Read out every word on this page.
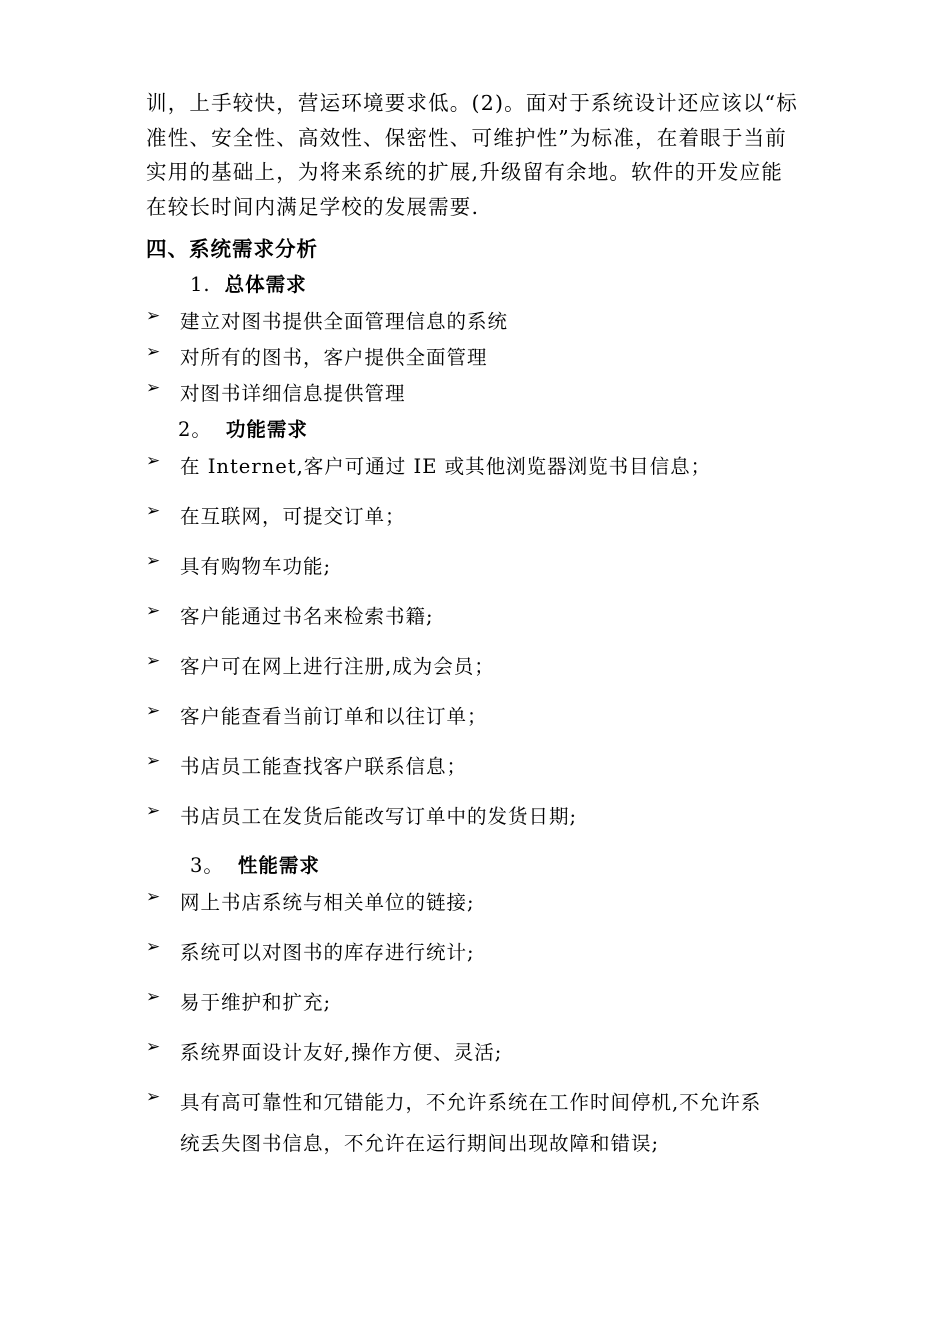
训，上手较快，营运环境要求低。(2)。面对于系统设计还应该以“标
准性、安全性、高效性、保密性、可维护性”为标准，在着眼于当前
实用的基础上，为将来系统的扩展,升级留有余地。软件的开发应能
在较长时间内满足学校的发展需要.

四、系统需求分析
1. 总体需求
➢ 建立对图书提供全面管理信息的系统
➢ 对所有的图书，客户提供全面管理
➢ 对图书详细信息提供管理
2。 功能需求
➢ 在 Internet,客户可通过 IE 或其他浏览器浏览书目信息；
➢ 在互联网，可提交订单；
➢ 具有购物车功能;
➢ 客户能通过书名来检索书籍;
➢ 客户可在网上进行注册,成为会员；
➢ 客户能查看当前订单和以往订单；
➢ 书店员工能查找客户联系信息；
➢ 书店员工在发货后能改写订单中的发货日期;
3。 性能需求
➢ 网上书店系统与相关单位的链接;
➢ 系统可以对图书的库存进行统计;
➢ 易于维护和扩充;
➢ 系统界面设计友好,操作方便、灵活;
➢ 具有高可靠性和冗错能力，不允许系统在工作时间停机,不允许系
统丢失图书信息，不允许在运行期间出现故障和错误;
